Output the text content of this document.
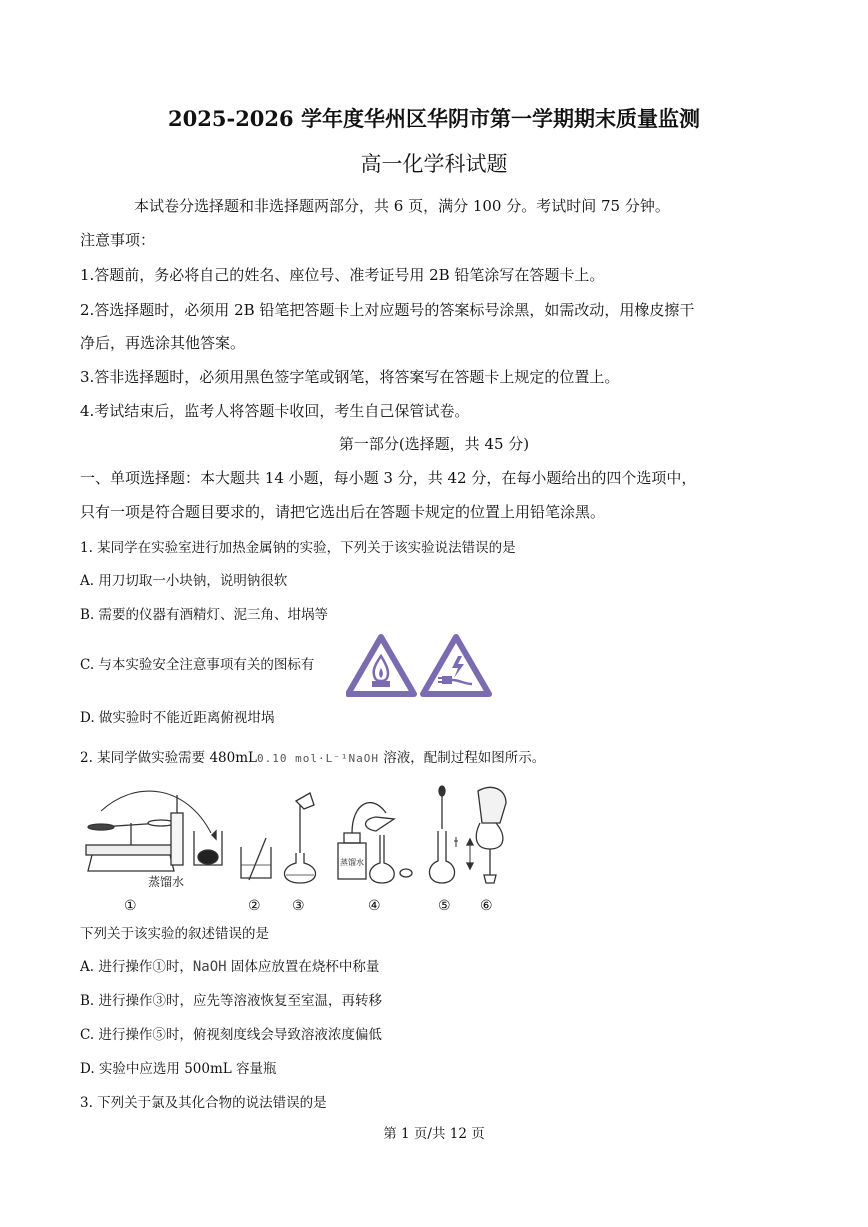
2025-2026 学年度华州区华阴市第一学期期末质量监测
高一化学科试题
本试卷分选择题和非选择题两部分，共 6 页，满分 100 分。考试时间 75 分钟。
注意事项：
1.答题前，务必将自己的姓名、座位号、准考证号用 2B 铅笔涂写在答题卡上。
2.答选择题时，必须用 2B 铅笔把答题卡上对应题号的答案标号涂黑，如需改动，用橡皮擦干
净后，再选涂其他答案。
3.答非选择题时，必须用黑色签字笔或钢笔，将答案写在答题卡上规定的位置上。
4.考试结束后，监考人将答题卡收回，考生自己保管试卷。
第一部分(选择题，共 45 分)
一、单项选择题：本大题共 14 小题，每小题 3 分，共 42 分，在每小题给出的四个选项中，
只有一项是符合题目要求的，请把它选出后在答题卡规定的位置上用铅笔涂黑。
1. 某同学在实验室进行加热金属钠的实验，下列关于该实验说法错误的是
A. 用刀切取一小块钠，说明钠很软
B. 需要的仪器有酒精灯、泥三角、坩埚等
C. 与本实验安全注意事项有关的图标有
D. 做实验时不能近距离俯视坩埚
2. 某同学做实验需要 480mL0.10 mol·L⁻¹NaOH 溶液，配制过程如图所示。
蒸馏水
蒸馏水
①	② ③	④	⑤ ⑥
下列关于该实验的叙述错误的是
A. 进行操作①时，NaOH 固体应放置在烧杯中称量
B. 进行操作③时，应先等溶液恢复至室温，再转移
C. 进行操作⑤时，俯视刻度线会导致溶液浓度偏低
D. 实验中应选用 500mL 容量瓶
3. 下列关于氯及其化合物的说法错误的是
第 1 页/共 12 页
